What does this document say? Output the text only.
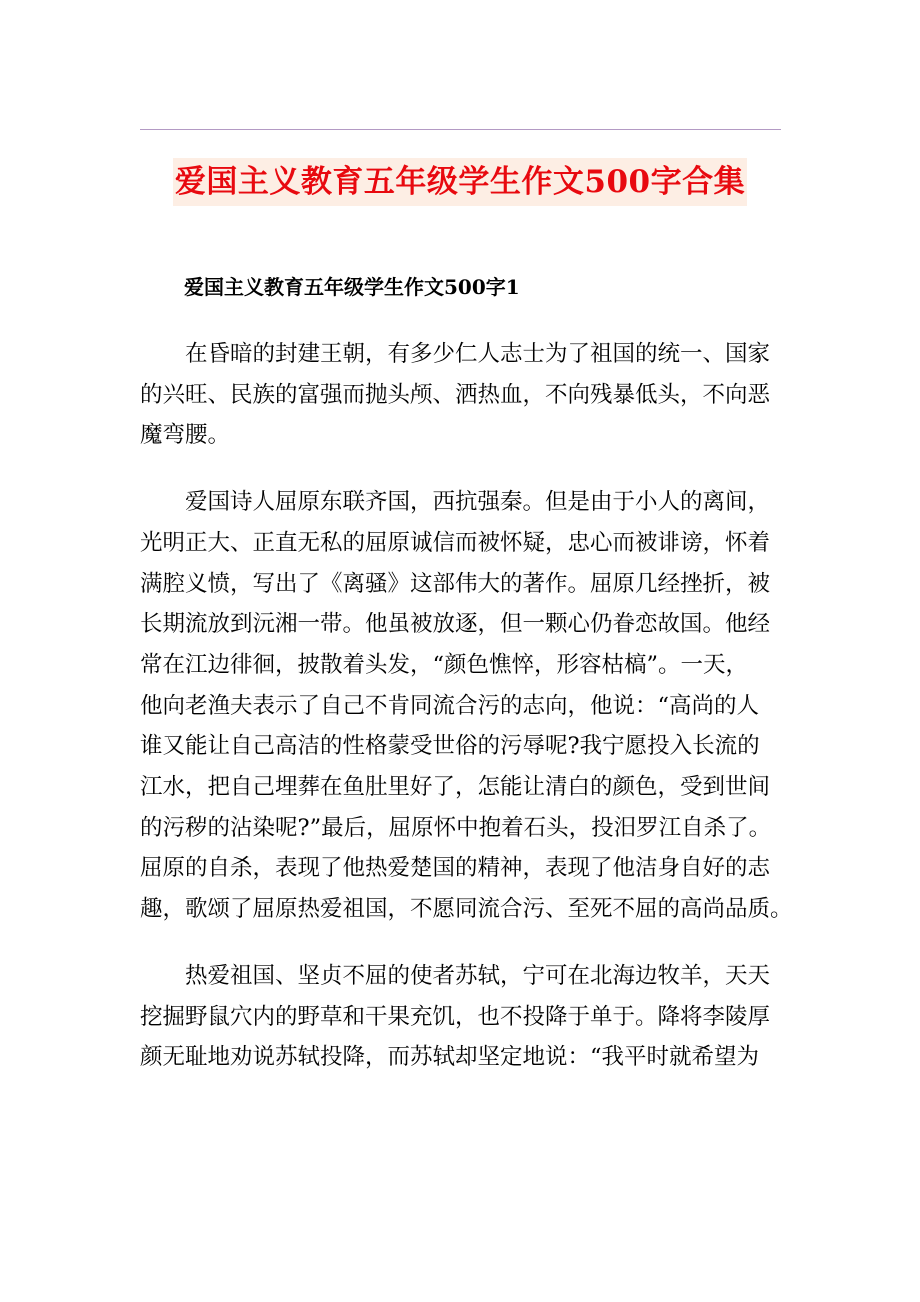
爱国主义教育五年级学生作文500字合集
爱国主义教育五年级学生作文500字1
在昏暗的封建王朝，有多少仁人志士为了祖国的统一、国家
的兴旺、民族的富强而抛头颅、洒热血，不向残暴低头，不向恶
魔弯腰。
爱国诗人屈原东联齐国，西抗强秦。但是由于小人的离间，
光明正大、正直无私的屈原诚信而被怀疑，忠心而被诽谤，怀着
满腔义愤，写出了《离骚》这部伟大的著作。屈原几经挫折，被
长期流放到沅湘一带。他虽被放逐，但一颗心仍眷恋故国。他经
常在江边徘徊，披散着头发，“颜色憔悴，形容枯槁”。一天，
他向老渔夫表示了自己不肯同流合污的志向，他说：“高尚的人
谁又能让自己高洁的性格蒙受世俗的污辱呢?我宁愿投入长流的
江水，把自己埋葬在鱼肚里好了，怎能让清白的颜色，受到世间
的污秽的沾染呢?”最后，屈原怀中抱着石头，投汨罗江自杀了。
屈原的自杀，表现了他热爱楚国的精神，表现了他洁身自好的志
趣，歌颂了屈原热爱祖国，不愿同流合污、至死不屈的高尚品质。
热爱祖国、坚贞不屈的使者苏轼，宁可在北海边牧羊，天天
挖掘野鼠穴内的野草和干果充饥，也不投降于单于。降将李陵厚
颜无耻地劝说苏轼投降，而苏轼却坚定地说：“我平时就希望为
